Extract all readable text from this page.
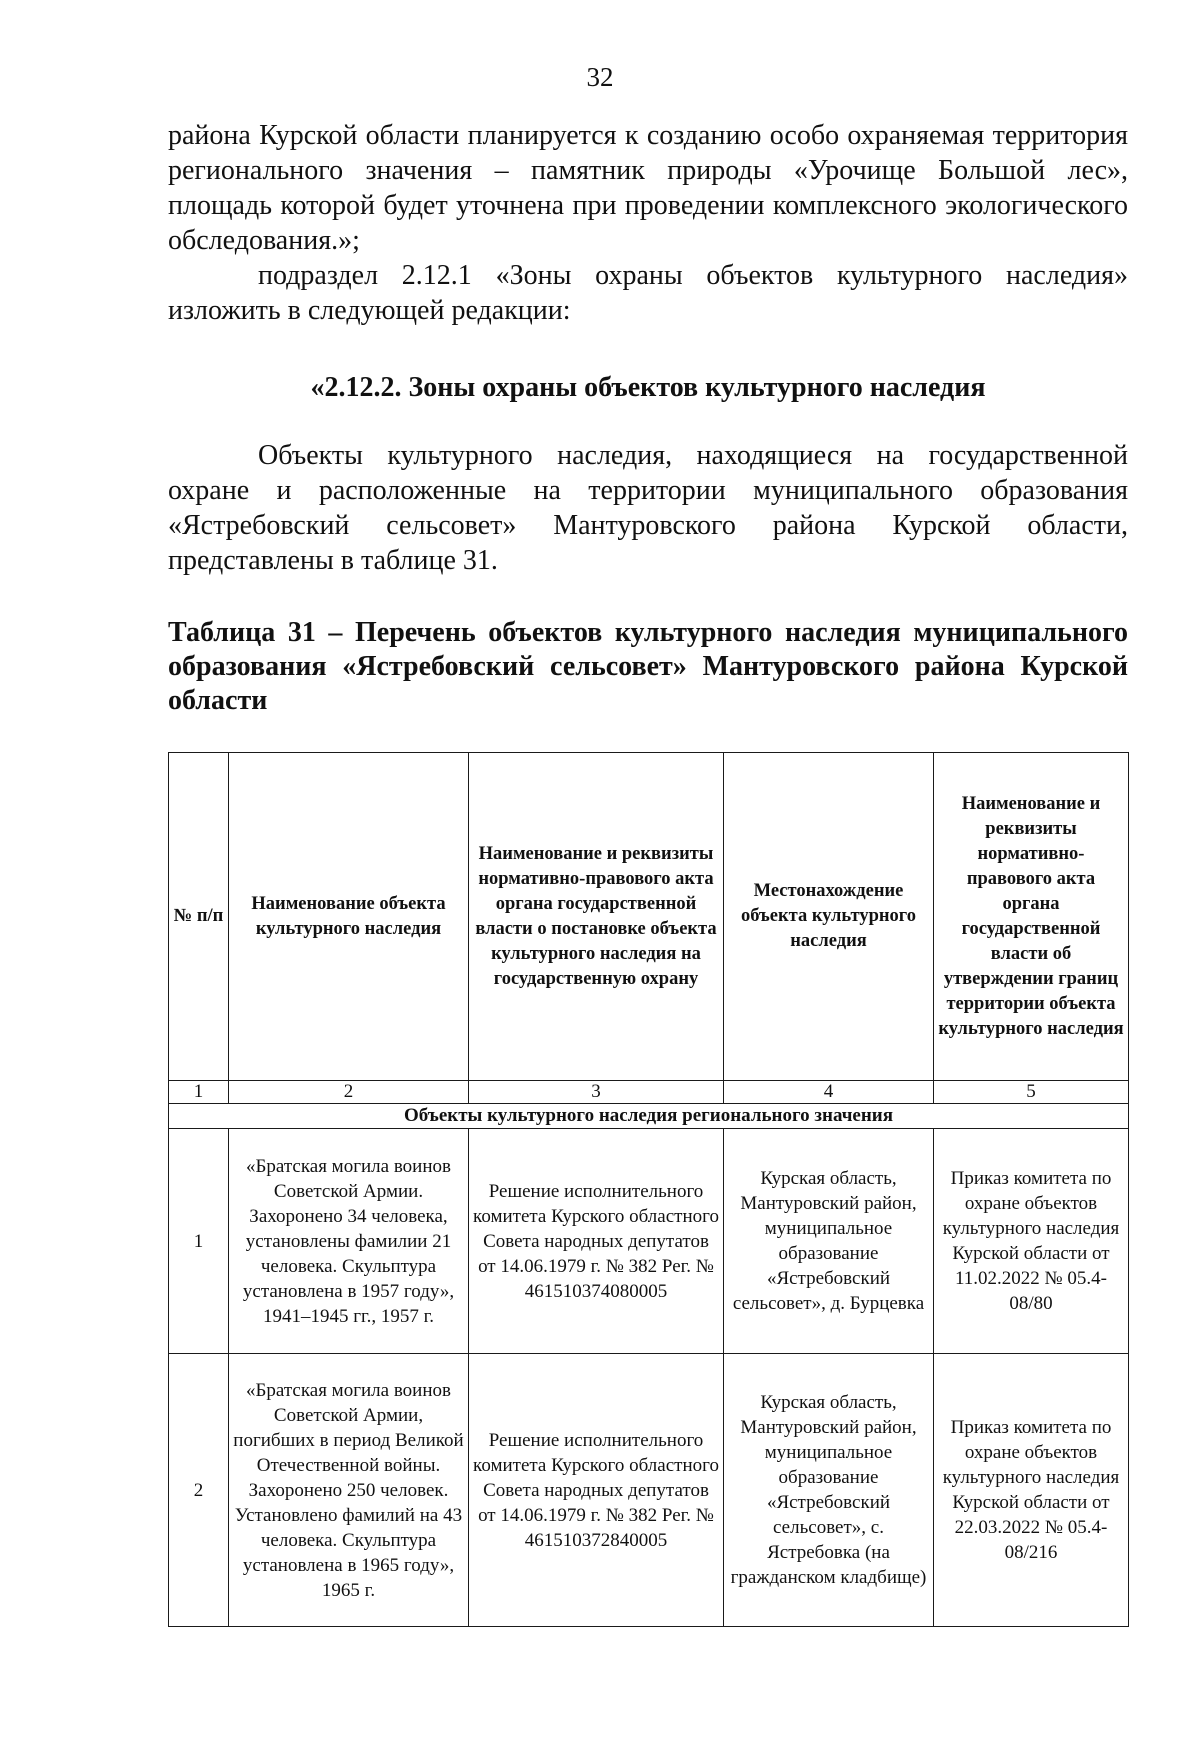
32

района Курской области планируется к созданию особо охраняемая территория регионального значения – памятник природы «Урочище Большой лес», площадь которой будет уточнена при проведении комплексного экологического обследования.»;

подраздел 2.12.1 «Зоны охраны объектов культурного наследия» изложить в следующей редакции:

«2.12.2. Зоны охраны объектов культурного наследия

Объекты культурного наследия, находящиеся на государственной охране и расположенные на территории муниципального образования «Ястребовский сельсовет» Мантуровского района Курской области, представлены в таблице 31.

Таблица 31 – Перечень объектов культурного наследия муниципального образования «Ястребовский сельсовет» Мантуровского района Курской области

№ п/п	Наименование объекта культурного наследия	Наименование и реквизиты нормативно-правового акта органа государственной власти о постановке объекта культурного наследия на государственную охрану	Местонахождение объекта культурного наследия	Наименование и реквизиты нормативно-правового акта органа государственной власти об утверждении границ территории объекта культурного наследия
1	2	3	4	5
Объекты культурного наследия регионального значения				
1	«Братская могила воинов Советской Армии. Захоронено 34 человека, установлены фамилии 21 человека. Скульптура установлена в 1957 году», 1941–1945 гг., 1957 г.	Решение исполнительного комитета Курского областного Совета народных депутатов от 14.06.1979 г. № 382 Рег. № 461510374080005	Курская область, Мантуровский район, муниципальное образование «Ястребовский сельсовет», д. Бурцевка	Приказ комитета по охране объектов культурного наследия Курской области от 11.02.2022 № 05.4-08/80
2	«Братская могила воинов Советской Армии, погибших в период Великой Отечественной войны. Захоронено 250 человек. Установлено фамилий на 43 человека. Скульптура установлена в 1965 году», 1965 г.	Решение исполнительного комитета Курского областного Совета народных депутатов от 14.06.1979 г. № 382 Рег. № 461510372840005	Курская область, Мантуровский район, муниципальное образование «Ястребовский сельсовет», с. Ястребовка (на гражданском кладбище)	Приказ комитета по охране объектов культурного наследия Курской области от 22.03.2022 № 05.4-08/216
